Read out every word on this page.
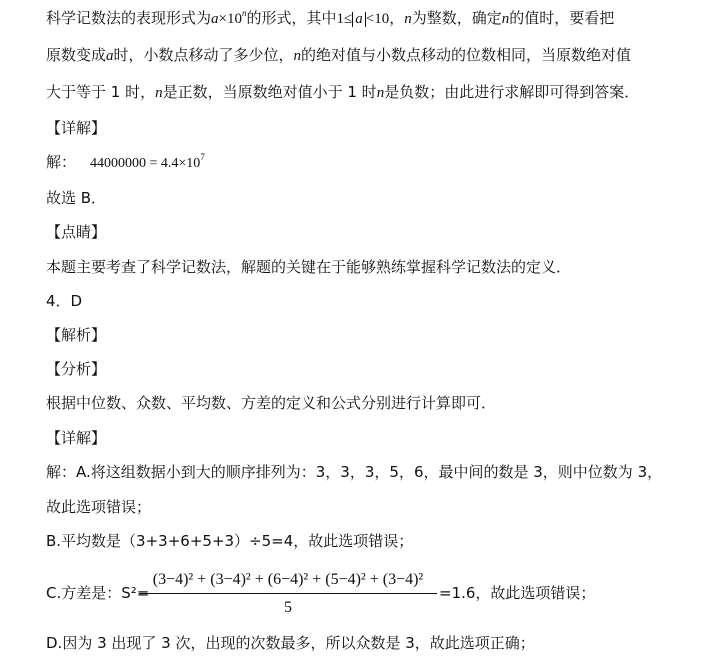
科学记数法的表现形式为$a\times 10^n$的形式，其中1≤ a <10，n为整数，确定n的值时，要看把
原数变成a时，小数点移动了多少位，n的绝对值与小数点移动的位数相同，当原数绝对值
大于等于 1 时，n是正数，当原数绝对值小于 1 时n是负数；由此进行求解即可得到答案．
【详解】
解： $44000000 = 4.4\times 10^7$
故选 B．
【点睛】
本题主要考查了科学记数法，解题的关键在于能够熟练掌握科学记数法的定义．
4．D
【解析】
【分析】
根据中位数、众数、平均数、方差的定义和公式分别进行计算即可．
【详解】
解：A.将这组数据小到大的顺序排列为：3，3，3，5，6，最中间的数是 3，则中位数为 3，
故此选项错误；
B.平均数是（3+3+6+5+3）÷5=4，故此选项错误；
C.方差是：S²=
(3−4)² + (3−4)² + (6−4)² + (5−4)² + (3−4)²
5
=1.6，故此选项错误；
D.因为 3 出现了 3 次，出现的次数最多，所以众数是 3，故此选项正确；
